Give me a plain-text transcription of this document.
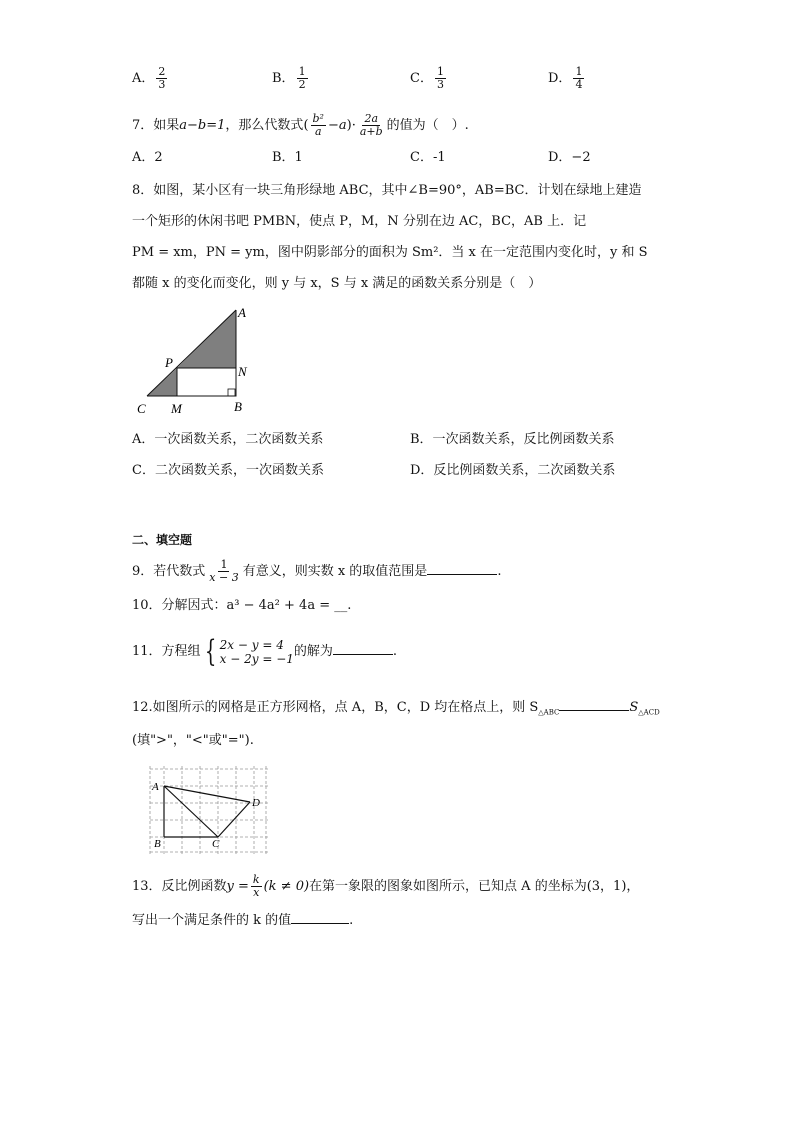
A． $\frac{2}{3}$	B． $\frac{1}{2}$	C． $\frac{1}{3}$	D． $\frac{1}{4}$
7．如果a−b=1，那么代数式( $\frac{\text{b²}}{a} -a)\cdot \frac{2a}{a+b}$ 的值为（　）.
A．2	B．1	C．-1	D．−2
8．如图，某小区有一块三角形绿地 ABC，其中∠B=90°，AB=BC．计划在绿地上建造
一个矩形的休闲书吧 PMBN，使点 P，M，N 分别在边 AC，BC，AB 上．记
PM = xm，PN = ym，图中阴影部分的面积为 Sm²．当 x 在一定范围内变化时，y 和 S
都随 x 的变化而变化，则 y 与 x，S 与 x 满足的函数关系分别是（　）
A
P
N
C M	B
A．一次函数关系，二次函数关系	B．一次函数关系，反比例函数关系
C．二次函数关系，一次函数关系	D．反比例函数关系，二次函数关系
二、填空题
9．若代数式 $\frac{1}{x - 3}$ 有意义，则实数 x 的取值范围是	.
10．分解因式：a³ − 4a² + 4a = __.
11．方程组 { 2x − y = 4
x − 2y = −1 的解为	.
12.如图所示的网格是正方形网格，点 A，B，C，D 均在格点上，则 $S_{\triangle ABC}$	$S_{\triangle ACD}$
(填">"，"<"或"=").
A
B	C
D
13．反比例函数$y = \frac{k}{x} (k \ne 0)$在第一象限的图象如图所示，已知点 A 的坐标为(3，1)，
写出一个满足条件的 k 的值	.
